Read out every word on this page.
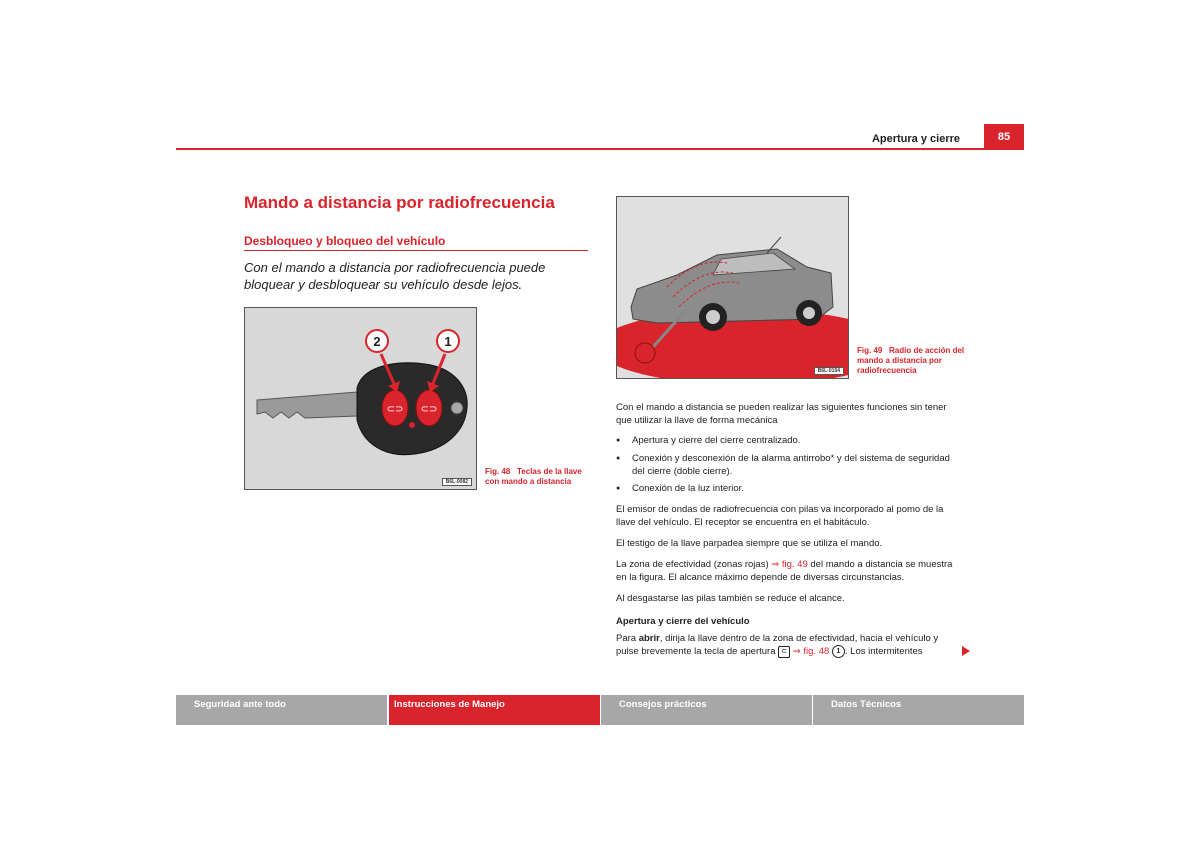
Apertura y cierre	85
Mando a distancia por radiofrecuencia
Desbloqueo y bloqueo del vehículo
Con el mando a distancia por radiofrecuencia puede bloquear y desbloquear su vehículo desde lejos.
⊂⊃ ⊂⊃
2	1
B6L-0082
Fig. 48 Teclas de la llave con mando a distancia
B6L-0104
Fig. 49 Radio de acción del mando a distancia por radiofrecuencia
Con el mando a distancia se pueden realizar las siguientes funciones sin tener que utilizar la llave de forma mecánica
● Apertura y cierre del cierre centralizado.
● Conexión y desconexión de la alarma antirrobo* y del sistema de seguridad del cierre (doble cierre).
● Conexión de la luz interior.
El emisor de ondas de radiofrecuencia con pilas va incorporado al pomo de la llave del vehículo. El receptor se encuentra en el habitáculo.
El testigo de la llave parpadea siempre que se utiliza el mando.
La zona de efectividad (zonas rojas) ⇒ fig. 49 del mando a distancia se muestra en la figura. El alcance máximo depende de diversas circunstancias.
Al desgastarse las pilas también se reduce el alcance.
Apertura y cierre del vehículo
Para abrir, dirija la llave dentro de la zona de efectividad, hacia el vehículo y pulse brevemente la tecla de apertura ⊂ ⇒ fig. 48 1 . Los intermitentes
Seguridad ante todo	Instrucciones de Manejo	Consejos prácticos	Datos Técnicos
